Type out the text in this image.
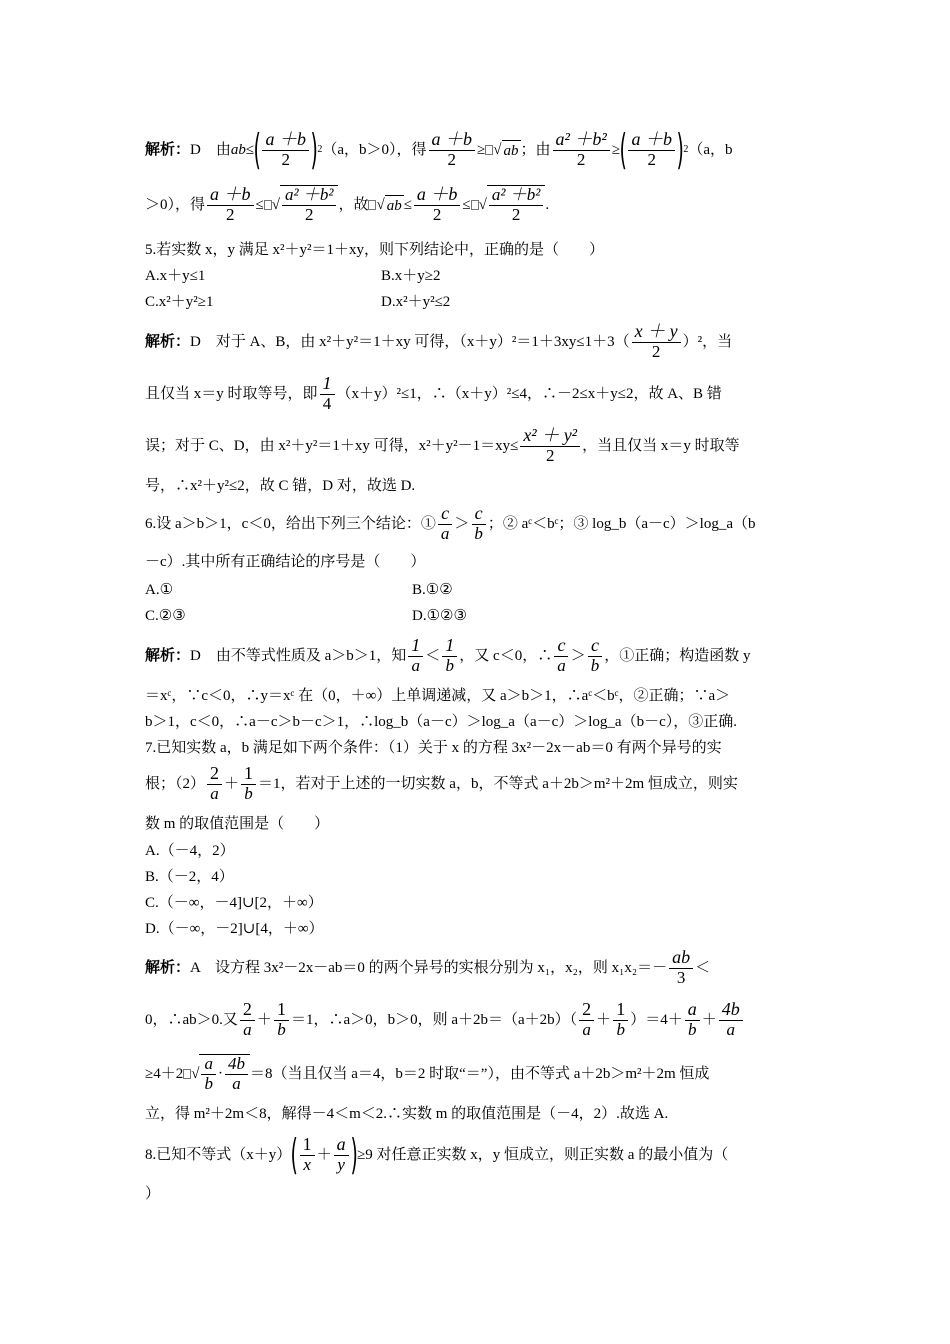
解析： D　由 ab ≤ ( $\frac{a +b}{2}$ ) 2 （a，b＞0），得 $\frac{a +b}{2}$ ≥ √ ab ；由 $\frac{\text{a² ＋b²}}{2}$ ≥ ( $\frac{a +b}{2}$ ) 2 （a，b
＞0），得 $\frac{a +b}{2}$ ≤ √ $\frac{\text{a² ＋b²}}{2}$ ，故 √ ab ≤ $\frac{a +b}{2}$ ≤ √ $\frac{\text{a² ＋b²}}{2}$ .
5.若实数 x，y 满足 x²＋y²＝1＋xy，则下列结论中，正确的是（　　）
A.x＋y≤1	B.x＋y≥2
C.x²＋y²≥1	D.x²＋y²≤2
解析： D　对于 A、B，由 x²＋y²＝1＋xy 可得，$(x+y)^2=1+3xy\le 1+3( \frac{x + y}{2} )^2$，当
且仅当 x＝y 时取等号，即 $\frac{1}{4} (x+y)^2\le 1$，∴（x＋y）²≤4，∴－2≤x＋y≤2，故 A、B 错
误；对于 C、D，由 x²＋y²＝1＋xy 可得，$x^2+y^2-1=xy\le \frac{\text{x² ＋ y²}}{2}$ ，当且仅当 x＝y 时取等
号，∴x²＋y²≤2，故 C 错，D 对，故选 D.
6.设 a＞b＞1，c＜0，给出下列三个结论：① $\frac{c}{a} > \frac{c}{b}$ ；② aᶜ＜bᶜ；③ log_b（a－c）＞log_a（b
－c）.其中所有正确结论的序号是（　　）
A.①	B.①②
C.②③	D.①②③
解析： D　由不等式性质及 a＞b＞1，知 $\frac{1}{a} < \frac{1}{b}$ ，又 c＜0，∴ $\frac{c}{a} > \frac{c}{b}$ ，①正确；构造函数 y
＝xᶜ，∵c＜0，∴y＝xᶜ 在（0，＋∞）上单调递减，又 a＞b＞1，∴aᶜ＜bᶜ，②正确；∵a＞
b＞1，c＜0，∴a－c＞b－c＞1，∴log_b（a－c）＞log_a（a－c）＞log_a（b－c），③正确.
7.已知实数 a，b 满足如下两个条件：（1）关于 x 的方程 3x²－2x－ab＝0 有两个异号的实
根；$(2) \frac{2}{a} + \frac{1}{b} =1$，若对于上述的一切实数 a，b，不等式 a＋2b＞m²＋2m 恒成立，则实
数 m 的取值范围是（　　）
A.（－4，2）
B.（－2，4）
C.（－∞，－4]∪[2，＋∞）
D.（－∞，－2]∪[4，＋∞）
解析： A　设方程 3x²－2x－ab＝0 的两个异号的实根分别为 x₁，x₂，则 $x_1x_2=- \frac{ab}{3}$ ＜
0，∴ab＞0.又 $\frac{2}{a} + \frac{1}{b} =1$，∴a＞0，b＞0，则 $a+2b=(a+2b)( \frac{2}{a} + \frac{1}{b} )=4+ \frac{a}{b} + \frac{4b}{a}$
≥4＋2 √ $\frac{a}{b} \cdot \frac{4b}{a} =8$（当且仅当 a＝4，b＝2 时取“＝”），由不等式 a＋2b＞m²＋2m 恒成
立，得 m²＋2m＜8，解得－4＜m＜2.∴实数 m 的取值范围是（－4，2）.故选 A.
8.已知不等式（x＋y） ( $\frac{1}{x} + \frac{a}{y}$ ) ≥9 对任意正实数 x，y 恒成立，则正实数 a 的最小值为（
）
